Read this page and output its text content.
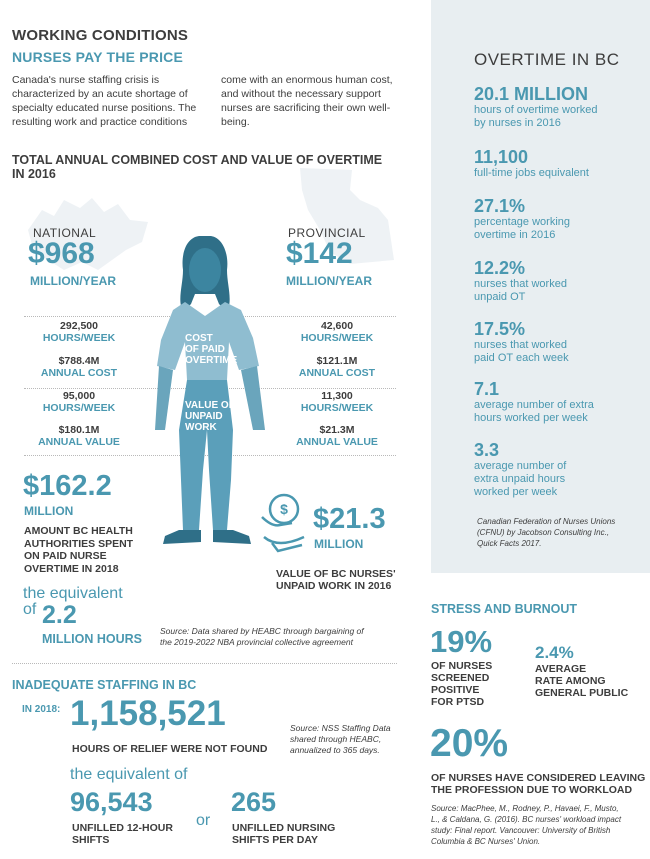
WORKING CONDITIONS
NURSES PAY THE PRICE
Canada's nurse staffing crisis is characterized by an acute shortage of specialty educated nurse positions. The resulting work and practice conditions
come with an enormous human cost, and without the necessary support nurses are sacrificing their own well-being.
TOTAL ANNUAL COMBINED COST AND VALUE OF OVERTIME
IN 2016
NATIONAL
$968
MILLION/YEAR
PROVINCIAL
$142
MILLION/YEAR
COST
OF PAID
OVERTIME
VALUE OF
UNPAID
WORK
292,500
HOURS/WEEK
$788.4M
ANNUAL COST
95,000
HOURS/WEEK
$180.1M
ANNUAL VALUE
42,600
HOURS/WEEK
$121.1M
ANNUAL COST
11,300
HOURS/WEEK
$21.3M
ANNUAL VALUE
$162.2
MILLION
AMOUNT BC HEALTH
AUTHORITIES SPENT
ON PAID NURSE
OVERTIME IN 2018
$ $21.3
MILLION
VALUE OF BC NURSES'
UNPAID WORK IN 2016
the equivalent
of 2.2
MILLION HOURS
Source: Data shared by HEABC through bargaining of
the 2019-2022 NBA provincial collective agreement
INADEQUATE STAFFING IN BC
IN 2018: 1,158,521
HOURS OF RELIEF WERE NOT FOUND
Source: NSS Staffing Data
shared through HEABC,
annualized to 365 days.
the equivalent of
96,543
UNFILLED 12-HOUR
SHIFTS
or
265
UNFILLED NURSING
SHIFTS PER DAY
OVERTIME IN BC
20.1 MILLION
hours of overtime worked
by nurses in 2016
11,100
full-time jobs equivalent
27.1%
percentage working
overtime in 2016
12.2%
nurses that worked
unpaid OT
17.5%
nurses that worked
paid OT each week
7.1
average number of extra
hours worked per week
3.3
average number of
extra unpaid hours
worked per week
Canadian Federation of Nurses Unions
(CFNU) by Jacobson Consulting Inc.,
Quick Facts 2017.
STRESS AND BURNOUT
19%
OF NURSES
SCREENED
POSITIVE
FOR PTSD
2.4%
AVERAGE
RATE AMONG
GENERAL PUBLIC
20%
OF NURSES HAVE CONSIDERED LEAVING
THE PROFESSION DUE TO WORKLOAD
Source: MacPhee, M., Rodney, P., Havaei, F., Musto,
L., & Caldana, G. (2016). BC nurses' workload impact
study: Final report. Vancouver: University of British
Columbia & BC Nurses' Union.
